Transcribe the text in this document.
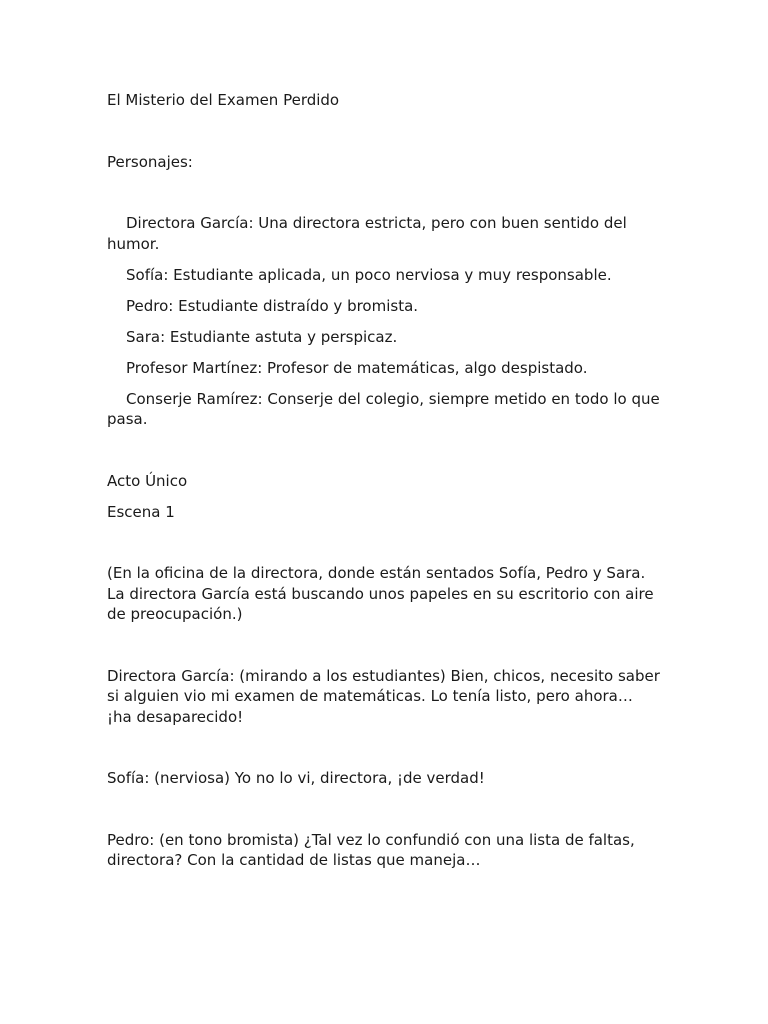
El Misterio del Examen Perdido

Personajes:

Directora García: Una directora estricta, pero con buen sentido del humor.

Sofía: Estudiante aplicada, un poco nerviosa y muy responsable.

Pedro: Estudiante distraído y bromista.

Sara: Estudiante astuta y perspicaz.

Profesor Martínez: Profesor de matemáticas, algo despistado.

Conserje Ramírez: Conserje del colegio, siempre metido en todo lo que pasa.

Acto Único

Escena 1

(En la oficina de la directora, donde están sentados Sofía, Pedro y Sara. La directora García está buscando unos papeles en su escritorio con aire de preocupación.)

Directora García: (mirando a los estudiantes) Bien, chicos, necesito saber si alguien vio mi examen de matemáticas. Lo tenía listo, pero ahora… ¡ha desaparecido!

Sofía: (nerviosa) Yo no lo vi, directora, ¡de verdad!

Pedro: (en tono bromista) ¿Tal vez lo confundió con una lista de faltas, directora? Con la cantidad de listas que maneja…
